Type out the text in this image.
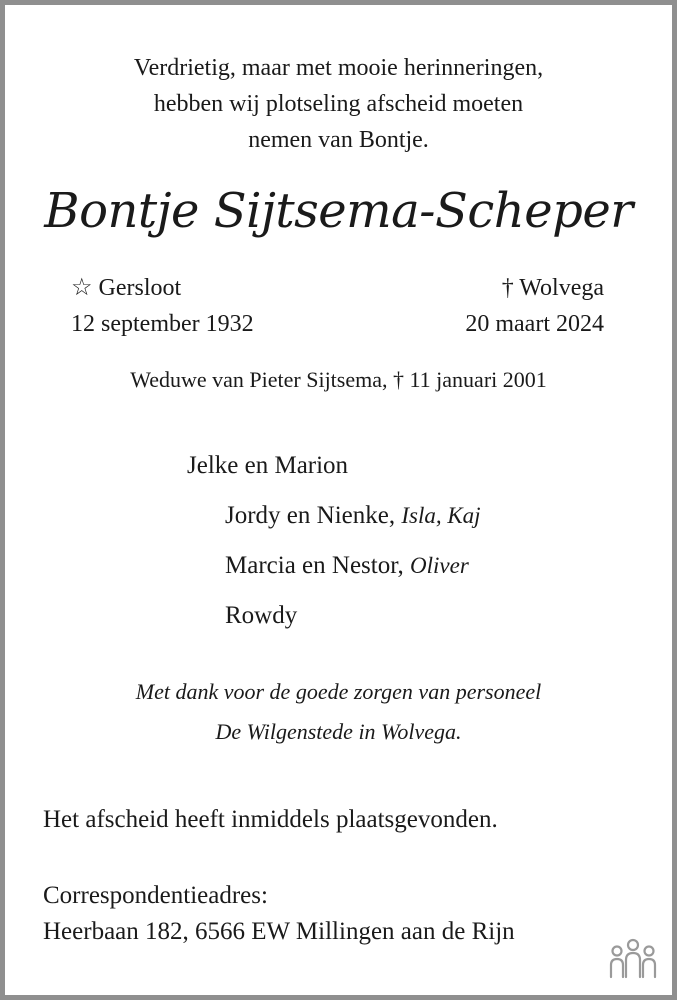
Verdrietig, maar met mooie herinneringen,
hebben wij plotseling afscheid moeten
nemen van Bontje.
Bontje Sijtsema-Scheper
☆ Gersloot
12 september 1932
† Wolvega
20 maart 2024
Weduwe van Pieter Sijtsema, † 11 januari 2001
Jelke en Marion
Jordy en Nienke, Isla, Kaj
Marcia en Nestor, Oliver
Rowdy
Met dank voor de goede zorgen van personeel
De Wilgenstede in Wolvega.
Het afscheid heeft inmiddels plaatsgevonden.
Correspondentieadres:
Heerbaan 182, 6566 EW Millingen aan de Rijn
